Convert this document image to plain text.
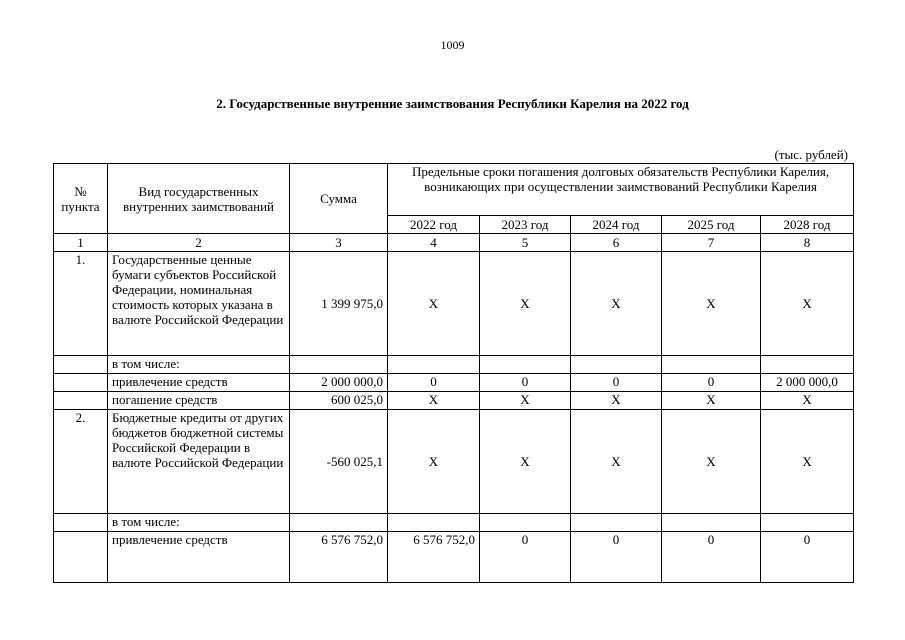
1009
2. Государственные внутренние заимствования Республики Карелия на 2022 год
(тыс. рублей)
№ пункта	Вид государственных внутренних заимствований	Сумма	Предельные сроки погашения долговых обязательств Республики Карелия, возникающих при осуществлении заимствований Республики Карелия				
			2022 год	2023 год	2024 год	2025 год	2028 год
1	2	3	4	5	6	7	8
1.	Государственные ценные бумаги субъектов Российской Федерации, номинальная стоимость которых указана в валюте Российской Федерации	1 399 975,0	X	X	X	X	X
	в том числе:						
	привлечение средств	2 000 000,0	0	0	0	0	2 000 000,0
	погашение средств	600 025,0	X	X	X	X	X
2.	Бюджетные кредиты от других бюджетов бюджетной системы Российской Федерации в валюте Российской Федерации	-560 025,1	X	X	X	X	X
	в том числе:						
	привлечение средств	6 576 752,0	6 576 752,0	0	0	0	0
